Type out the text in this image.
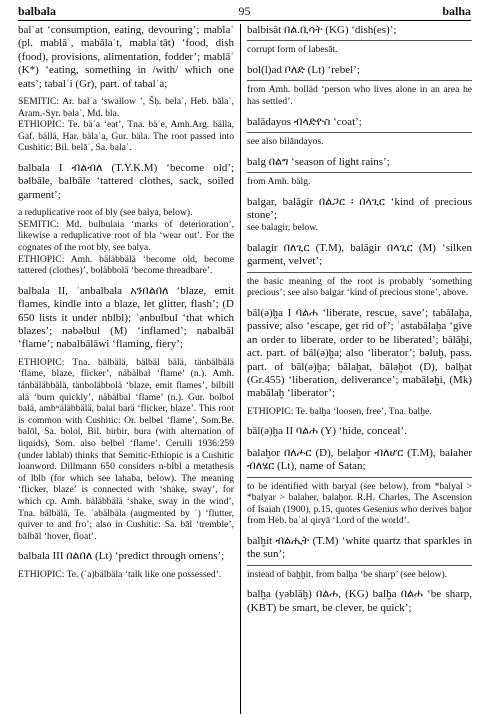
balbala	95	balha

balʿat ‘consumption, eating, devouring’; mablaʿ (pl. mablāʿ, mabālaʿt, mablaʿtāt) ‘food, dish (food), provisions, alimentation, fodder’; mablāʿ (K*) ‘eating, something in /with/ which one eats’; tabalʿi (Gr), part. of tabalʿa;

SEMITIC: Ar. balʿa ‘swallow ’, Šḥ. belaʿ, Heb. bālaʿ, Aram.-Syr. bəlaʿ, Md. bla.

ETHIOPIC: Te. bäʿa ‘eat’, Tna. bäʿe, Amh.Arg. bälla, Gaf. bällä, Har. bälaʾa, Gur. bäla. The root passed into Cushitic: Bil. belāʾ, Sa. balaʾ.

balbala I ብልብለ (T.Y.K.M) ‘become old’; bəlbāle, balbāle ‘tattered clothes, sack, soiled garment’;

a reduplicative root of bly (see balya, below).

SEMITIC: Md. bulbulaia ‘marks of deterioration’, likewise a reduplicative root of bla ‘wear out’. For the cognates of the root bly, see balya.

ETHIOPIC: Amh. bäläbbälä ‘become old, become tattered (clothes)’, boläbbolä ‘become threadbare’.

balbala II, ʾanbalbala አንበልበለ ‘blaze, emit flames, kindle into a blaze, let glitter, flash’; (D 650 lists it under nblbl); ʾənbulbul ‘that which blazes’; nəbəlbul (M) ‘inflamed’; nabalbāl ‘flame’; nabalbālāwi ‘flaming, fiery’;

ETHIOPIC: Tna. bälbälä, bälbäl bälä, tänbälbälä ‘flame, blaze, flicker’, näbälbal ‘flame’ (n.). Amh. tänbäläbbälä, tänboläbbolä ‘blaze, emit flames’, bilbill alä ‘burn quickly’, näbälbal ‘flame’ (n.). Gur. bolbol balä, ambʷäläbbälä, balal barä ‘flicker, blaze’. This root is common with Cushitic: Or. belbel ‘flame’, Som.Be. balōl, Sa. bolol, Bil. birbir, bura (with alternation of liquids), Som. also belbel ‘flame’. Cerulli 1936:259 (under lablab) thinks that Semitic-Ethiopic is a Cushitic loanword. Dillmann 650 considers n-blbl a metathesis of lblb (for which see lahaba, below). The meaning ‘flicker, blaze’ is connected with ‘shake, sway’, for which cp. Amh. bäläbbälä ‘shake, sway in the wind’, Tna. bälbälä, Te. ʾabälbäla (augmented by ʾ) ‘flutter, quiver to and fro’; also in Cushitic: Sa. bāl ‘tremble’, bālbāl ‘hover, float’.

balbala III በልበለ (Lt) ‘predict through omens’;

ETHIOPIC: Te. (ʾa)bälbäla ‘talk like one possessed’.

balbisāt በል.ቢሳት (KG) ‘dish(es)’;

corrupt form of labesāt.

bol(l)ad ቦለድ (Lt) ‘rebel’;

from Amh. bolläd ‘person who lives alone in an area he has settled’.

balādayos ብላድዮስ ‘coat’;

see also bilāndayos.

balg በልግ ‘season of light rains’;

from Amh. bälg.

balgar, balāgir በልጋር ፡ በላጊር ‘kind of precious stone’;

see balagir, below.

balagir በለጊር (T.M), balāgir በላጊር (M) ‘silken garment, velvet’;

the basic meaning of the root is probably ‘something precious’; see also balgar ‘kind of precious stone’, above.

bāl(ə)ḫa I ባልሐ ‘liberate, rescue, save’; tabālaḫa, passive; also ‘escape, get rid of’; ʾastabālaḫa ‘give an order to liberate, order to be liberated’; bālāḫi, act. part. of bāl(ə)ḫa; also ‘liberator’; bəluḫ, pass. part. of bāl(ə)ḫa; bālaḫat, bāləḫot (D), bəlḫat (Gr.455) ‘liberation, deliverance’; mabāləḫi, (Mk) mabālaḫ ‘liberator’;

ETHIOPIC: Te. balḫa ‘loosen, free’, Tna. balḫe.

bāl(ə)ḫa II ባልሐ (Y) ‘hide, conceal’.

balaḫor በለሖር (D), belaḫor ብለሆር (T.M), balaher ብለሄር (Lt), name of Satan;

to be identified with baryal (see below), from *balyal > *balyar > balaher, balaḫor. R.H. Charles, The Ascension of Isaiah (1900), p.15, quotes Gesenius who derives baḫor from Heb. baʿal qiryā ‘Lord of the world’.

balḫit ብልሒት (T.M) ‘white quartz that sparkles in the sun’;

instead of baḫḫit, from balḫa ‘be sharp’ (see below).

balḫa (yəblāḫ) በልሐ, (KG) balḫa በልሐ ‘be sharp, (KBT) be smart, be clever, be quick’;
